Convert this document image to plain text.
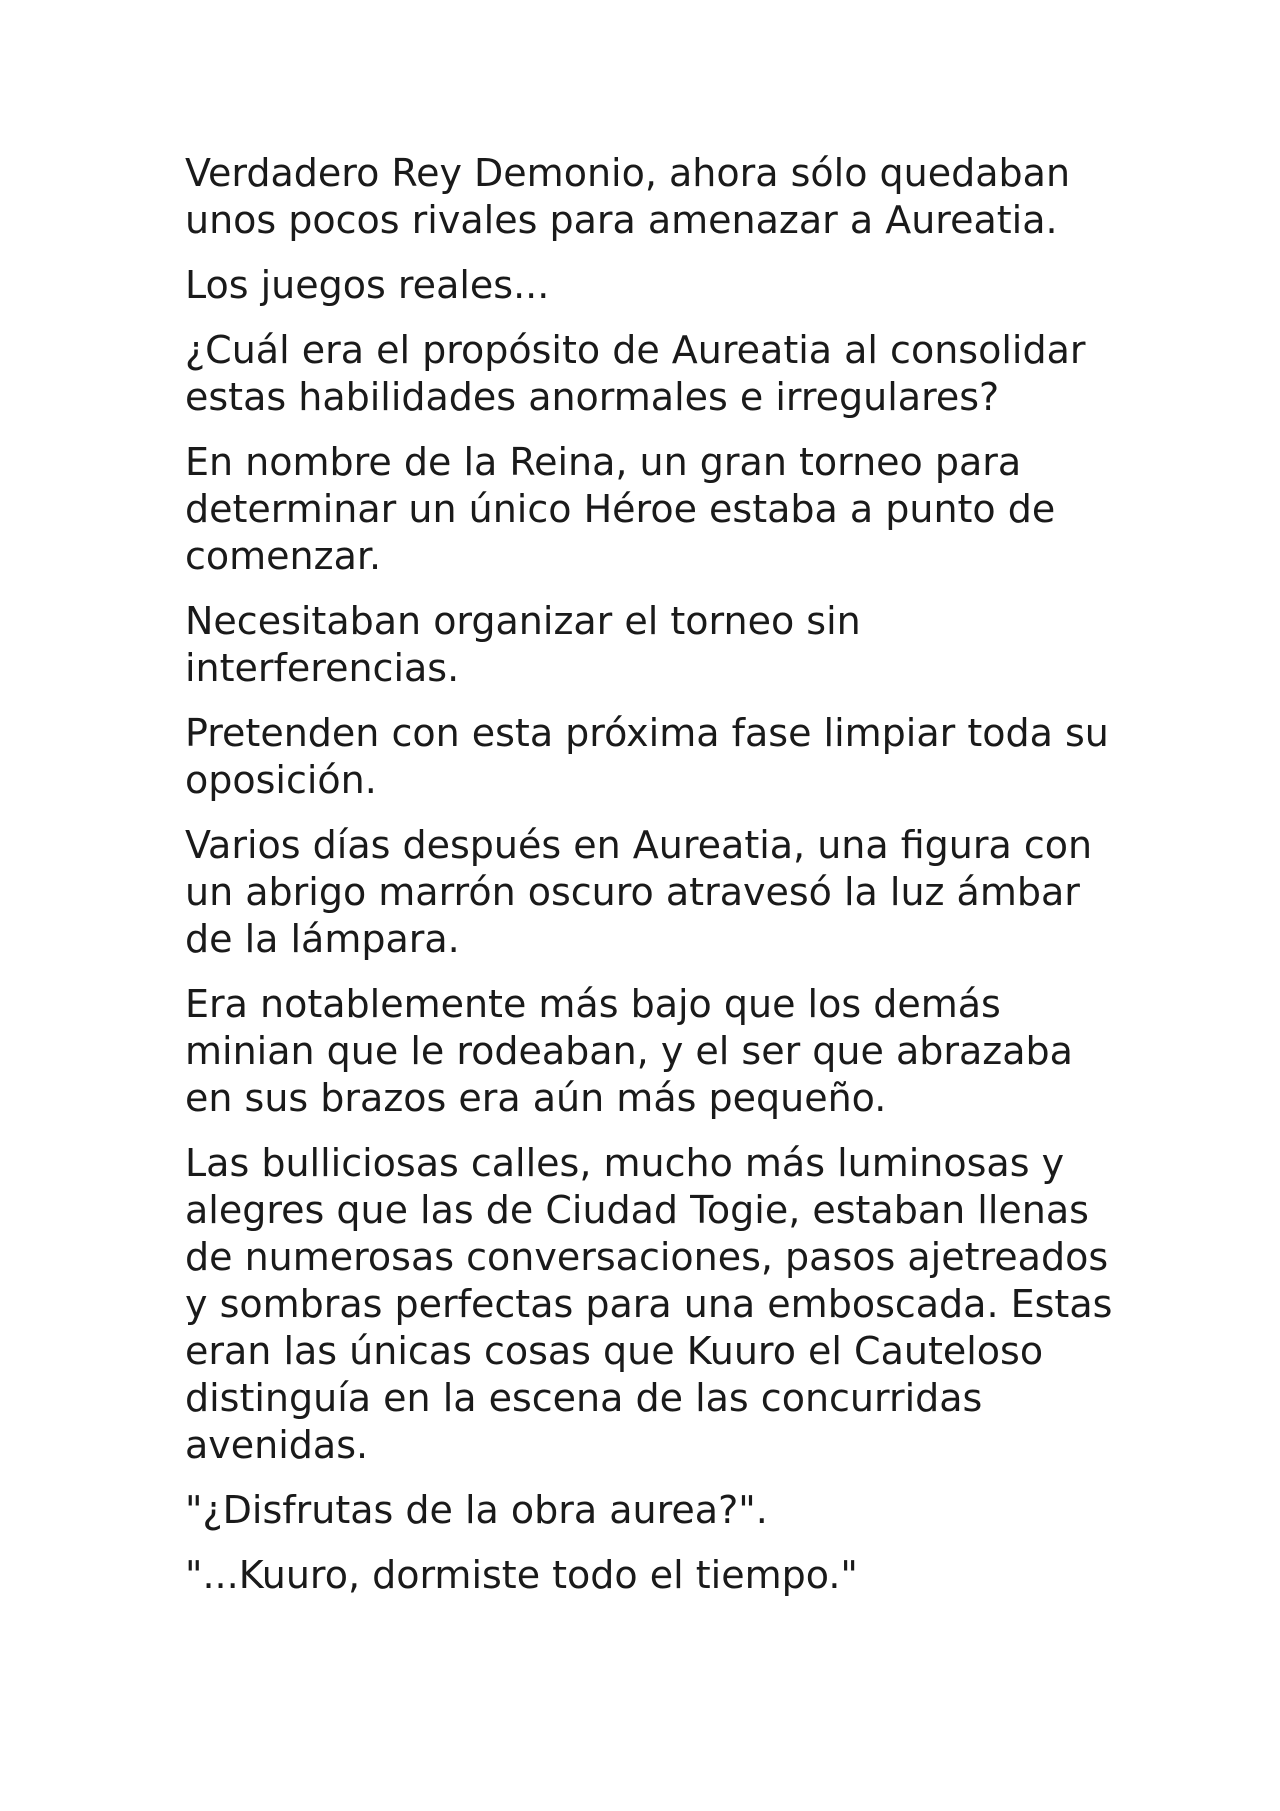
Verdadero Rey Demonio, ahora sólo quedaban unos pocos rivales para amenazar a Aureatia.

Los juegos reales...

¿Cuál era el propósito de Aureatia al consolidar estas habilidades anormales e irregulares?

En nombre de la Reina, un gran torneo para determinar un único Héroe estaba a punto de comenzar.

Necesitaban organizar el torneo sin interferencias.

Pretenden con esta próxima fase limpiar toda su oposición.

Varios días después en Aureatia, una figura con un abrigo marrón oscuro atravesó la luz ámbar de la lámpara.

Era notablemente más bajo que los demás minian que le rodeaban, y el ser que abrazaba en sus brazos era aún más pequeño.

Las bulliciosas calles, mucho más luminosas y alegres que las de Ciudad Togie, estaban llenas de numerosas conversaciones, pasos ajetreados y sombras perfectas para una emboscada. Estas eran las únicas cosas que Kuuro el Cauteloso distinguía en la escena de las concurridas avenidas.

"¿Disfrutas de la obra aurea?".

"...Kuuro, dormiste todo el tiempo."
